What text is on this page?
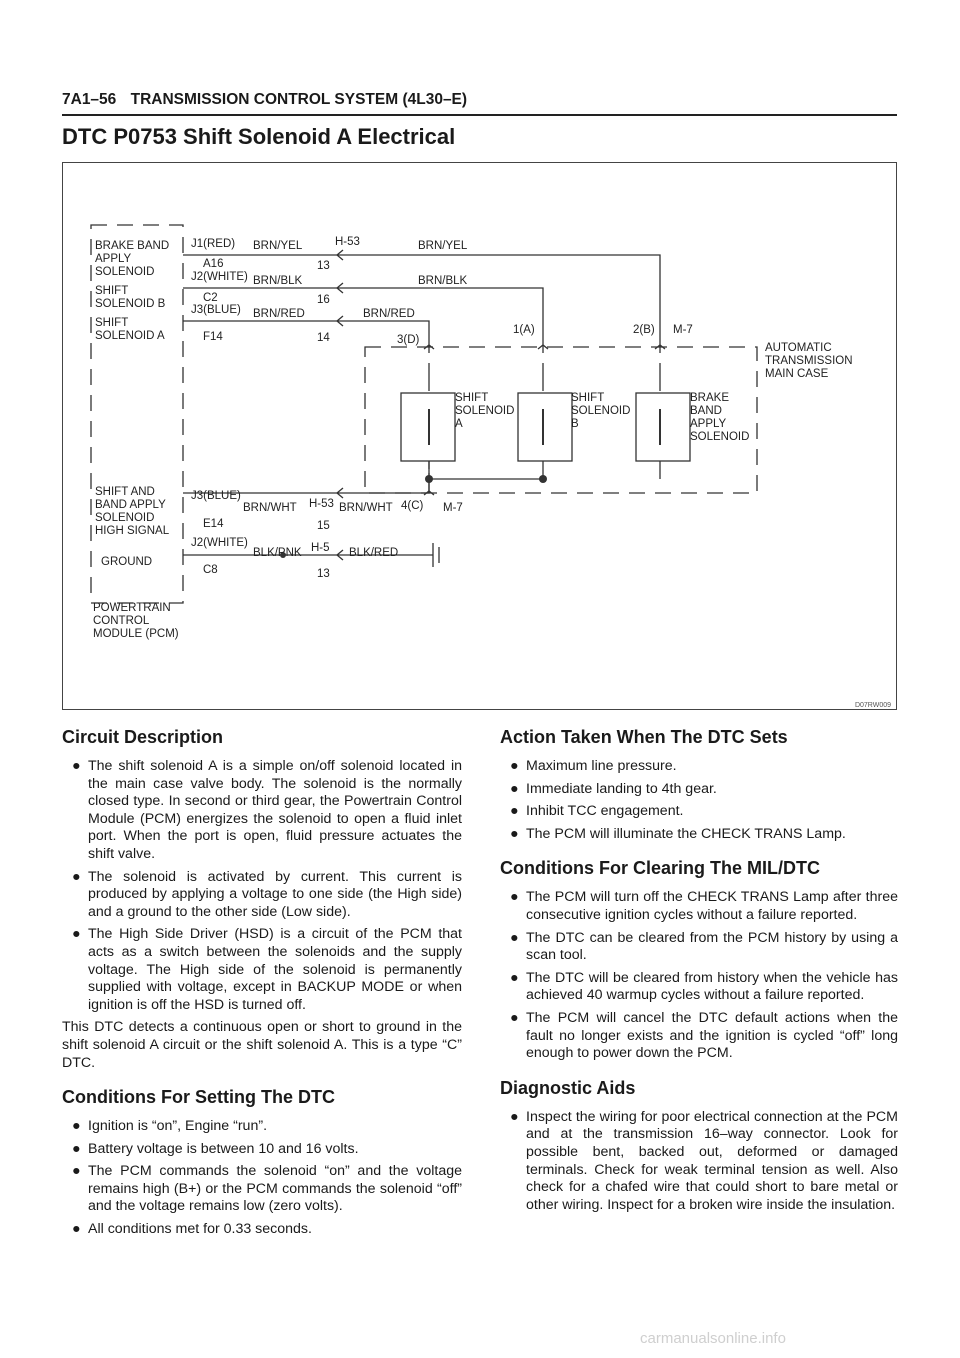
7A1–56 TRANSMISSION CONTROL SYSTEM (4L30–E)
DTC P0753 Shift Solenoid A Electrical
BRAKE BAND
APPLY
SOLENOID
SHIFT
SOLENOID B
SHIFT
SOLENOID A
SHIFT AND
BAND APPLY
SOLENOID
HIGH SIGNAL
GROUND
POWERTRAIN
CONTROL
MODULE (PCM)
J1(RED)
A16
J2(WHITE)
C2
J3(BLUE)
F14
J3(BLUE)
E14
J2(WHITE)
C8
BRN/YEL	BRN/YEL
BRN/BLK	BRN/BLK
BRN/RED	BRN/RED
BRN/WHT	BRN/WHT
BLK/PNK	BLK/RED
H-53
13
16
14
H-53
15
H-5
13
3(D)
1(A)	2(B) M-7
4(C) M-7
AUTOMATIC
TRANSMISSION
MAIN CASE
SHIFT
SOLENOID
A
SHIFT
SOLENOID
B
BRAKE
BAND
APPLY
SOLENOID
D07RW009
Circuit Description
● The shift solenoid A is a simple on/off solenoid located in the main case valve body. The solenoid is the normally closed type. In second or third gear, the Powertrain Control Module (PCM) energizes the solenoid to open a fluid inlet port. When the port is open, fluid pressure actuates the shift valve.
● The solenoid is activated by current. This current is produced by applying a voltage to one side (the High side) and a ground to the other side (Low side).
● The High Side Driver (HSD) is a circuit of the PCM that acts as a switch between the solenoids and the supply voltage. The High side of the solenoid is permanently supplied with voltage, except in BACKUP MODE or when ignition is off the HSD is turned off.
This DTC detects a continuous open or short to ground in the shift solenoid A circuit or the shift solenoid A. This is a type “C” DTC.
Conditions For Setting The DTC
● Ignition is “on”, Engine “run”.
● Battery voltage is between 10 and 16 volts.
● The PCM commands the solenoid “on” and the voltage remains high (B+) or the PCM commands the solenoid “off” and the voltage remains low (zero volts).
● All conditions met for 0.33 seconds.
Action Taken When The DTC Sets
● Maximum line pressure.
● Immediate landing to 4th gear.
● Inhibit TCC engagement.
● The PCM will illuminate the CHECK TRANS Lamp.
Conditions For Clearing The MIL/DTC
● The PCM will turn off the CHECK TRANS Lamp after three consecutive ignition cycles without a failure reported.
● The DTC can be cleared from the PCM history by using a scan tool.
● The DTC will be cleared from history when the vehicle has achieved 40 warmup cycles without a failure reported.
● The PCM will cancel the DTC default actions when the fault no longer exists and the ignition is cycled “off” long enough to power down the PCM.
Diagnostic Aids
● Inspect the wiring for poor electrical connection at the PCM and at the transmission 16–way connector. Look for possible bent, backed out, deformed or damaged terminals. Check for weak terminal tension as well. Also check for a chafed wire that could short to bare metal or other wiring. Inspect for a broken wire inside the insulation.
carmanualsonline.info
